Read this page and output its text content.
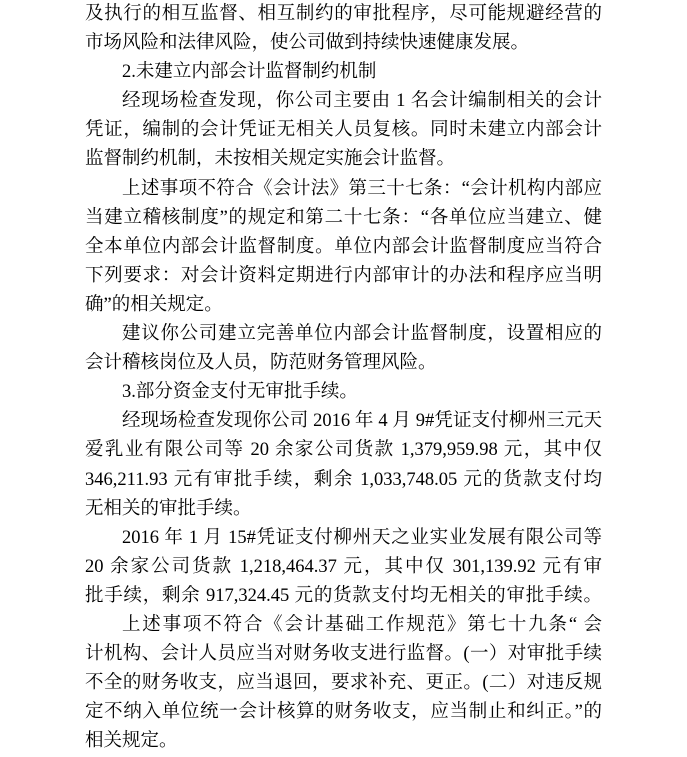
及执行的相互监督、相互制约的审批程序，尽可能规避经营的
市场风险和法律风险，使公司做到持续快速健康发展。
2.未建立内部会计监督制约机制
经现场检查发现，你公司主要由 1 名会计编制相关的会计
凭证，编制的会计凭证无相关人员复核。同时未建立内部会计
监督制约机制，未按相关规定实施会计监督。
上述事项不符合《会计法》第三十七条：“会计机构内部应
当建立稽核制度”的规定和第二十七条：“各单位应当建立、健
全本单位内部会计监督制度。单位内部会计监督制度应当符合
下列要求：对会计资料定期进行内部审计的办法和程序应当明
确”的相关规定。
建议你公司建立完善单位内部会计监督制度，设置相应的
会计稽核岗位及人员，防范财务管理风险。
3.部分资金支付无审批手续。
经现场检查发现你公司 2016 年 4 月 9#凭证支付柳州三元天
爱乳业有限公司等 20 余家公司货款 1,379,959.98 元，其中仅
346,211.93 元有审批手续，剩余 1,033,748.05 元的货款支付均
无相关的审批手续。
2016 年 1 月 15#凭证支付柳州天之业实业发展有限公司等
20 余家公司货款 1,218,464.37 元，其中仅 301,139.92 元有审
批手续，剩余 917,324.45 元的货款支付均无相关的审批手续。
上述事项不符合《会计基础工作规范》第七十九条“ 会
计机构、会计人员应当对财务收支进行监督。(一）对审批手续
不全的财务收支，应当退回，要求补充、更正。(二）对违反规
定不纳入单位统一会计核算的财务收支，应当制止和纠正。”的
相关规定。
